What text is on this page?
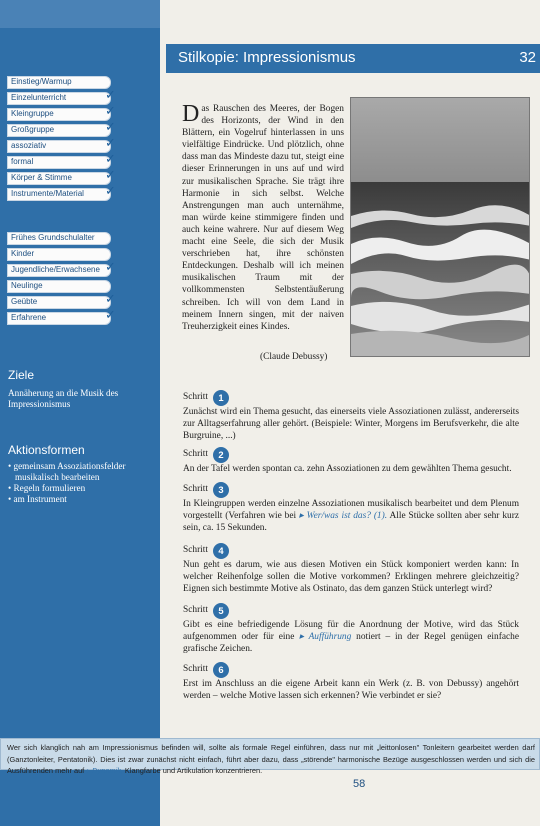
Einstieg/Warmup
Einzelunterricht	✓
Kleingruppe	✓
Großgruppe	✓
assoziativ	✓
formal	✓
Körper & Stimme	✓
Instrumente/Material ✓
Frühes Grundschulalter
Kinder
Jugendliche/Erwachsene ✓
Neulinge
Geübte	✓
Erfahrene	✓
Ziele
Annäherung an die Musik des Impressionismus
Aktionsformen
• gemeinsam Assoziationsfelder musikalisch bearbeiten
• Regeln formulieren
• am Instrument
Stilkopie: Impressionismus	32
Das Rauschen des Meeres, der Bogen des Horizonts, der Wind in den Blättern, ein Vogelruf hinterlassen in uns vielfältige Eindrücke. Und plötzlich, ohne dass man das Mindeste dazu tut, steigt eine dieser Erinnerungen in uns auf und wird zur musikalischen Sprache. Sie trägt ihre Harmonie in sich selbst. Welche Anstrengungen man auch unternähme, man würde keine stimmigere finden und auch keine wahrere. Nur auf diesem Weg macht eine Seele, die sich der Musik verschrieben hat, ihre schönsten Entdeckungen. Deshalb will ich meinen musikalischen Traum mit der vollkommensten Selbstentäußerung schreiben. Ich will von dem Land in meinem Innern singen, mit der naiven Treuherzigkeit eines Kindes.
(Claude Debussy)
Schritt	1

Zunächst wird ein Thema gesucht, das einerseits viele Assoziationen zulässt, andererseits zur Alltagserfahrung aller gehört. (Beispiele: Winter, Morgens im Berufsverkehr, die alte Burgruine, ...)

Schritt	2

An der Tafel werden spontan ca. zehn Assoziationen zu dem gewählten Thema gesucht.

Schritt	3

In Kleingruppen werden einzelne Assoziationen musikalisch bearbeitet und dem Plenum vorgestellt (Verfahren wie bei ▸ Wer/was ist das? (1). Alle Stücke sollten aber sehr kurz sein, ca. 15 Sekunden.

Schritt	4

Nun geht es darum, wie aus diesen Motiven ein Stück komponiert werden kann: In welcher Reihenfolge sollen die Motive vorkommen? Erklingen mehrere gleichzeitig? Eignen sich bestimmte Motive als Ostinato, das dem ganzen Stück unterlegt wird?

Schritt	5

Gibt es eine befriedigende Lösung für die Anordnung der Motive, wird das Stück aufgenommen oder für eine ▸ Aufführung notiert – in der Regel genügen einfache grafische Zeichen.

Schritt	6

Erst im Anschluss an die eigene Arbeit kann ein Werk (z. B. von Debussy) angehört werden – welche Motive lassen sich erkennen? Wie verbindet er sie?

Wer sich klanglich nah am Impressionismus befinden will, sollte als formale Regel einführen, dass nur mit „leittonlosen" Tonleitern gearbeitet werden darf (Ganztonleiter, Pentatonik). Dies ist zwar zunächst nicht einfach, führt aber dazu, dass „störende" harmonische Bezüge ausgeschlossen werden und sich die Ausführenden mehr auf ▸ Dynamik, Klangfarbe und Artikulation konzentrieren.

58
